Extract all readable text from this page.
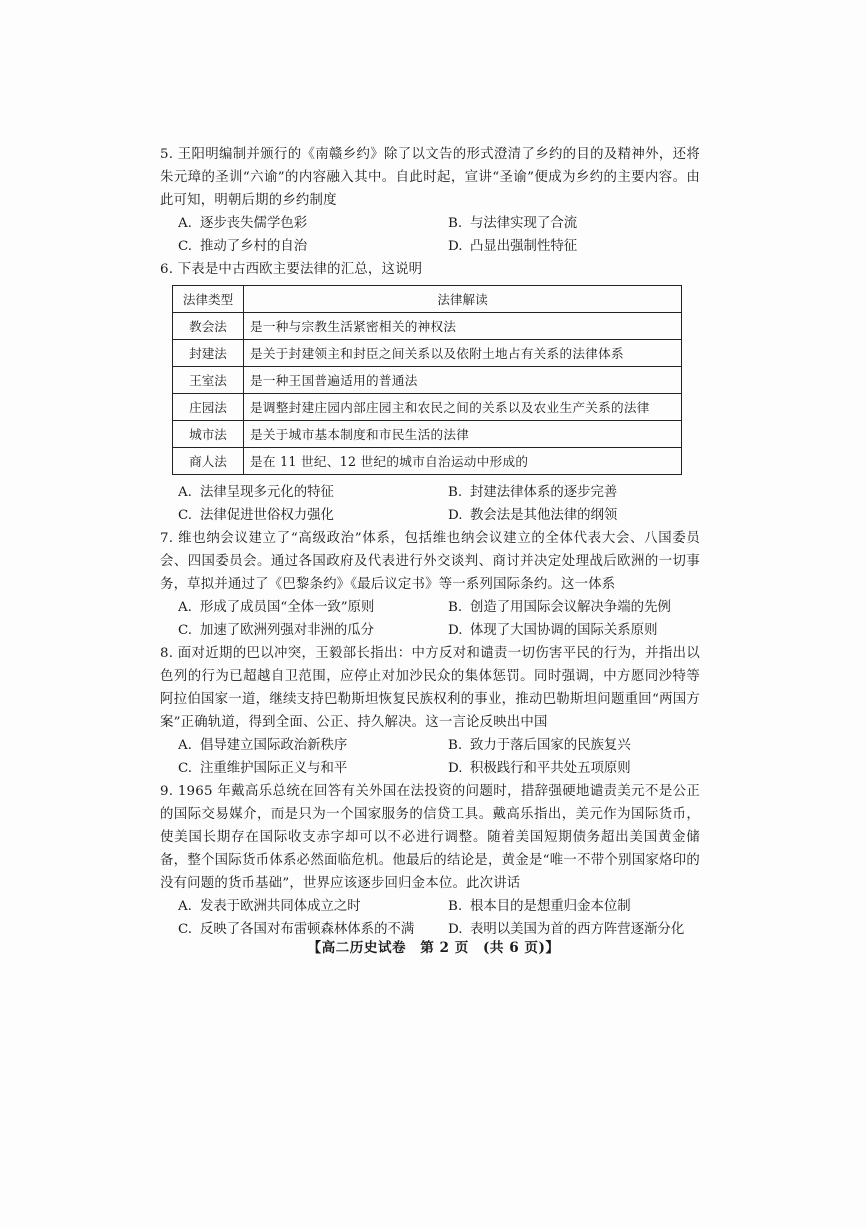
5. 王阳明编制并颁行的《南赣乡约》除了以文告的形式澄清了乡约的目的及精神外，还将朱元璋的圣训“六谕”的内容融入其中。自此时起，宣讲“圣谕”便成为乡约的主要内容。由此可知，明朝后期的乡约制度

A. 逐步丧失儒学色彩	B. 与法律实现了合流
C. 推动了乡村的自治	D. 凸显出强制性特征

6. 下表是中古西欧主要法律的汇总，这说明

法律类型	法律解读
教会法	是一种与宗教生活紧密相关的神权法
封建法	是关于封建领主和封臣之间关系以及依附土地占有关系的法律体系
王室法	是一种王国普遍适用的普通法
庄园法	是调整封建庄园内部庄园主和农民之间的关系以及农业生产关系的法律
城市法	是关于城市基本制度和市民生活的法律
商人法	是在 11 世纪、12 世纪的城市自治运动中形成的
A. 法律呈现多元化的特征	B. 封建法律体系的逐步完善
C. 法律促进世俗权力强化	D. 教会法是其他法律的纲领

7. 维也纳会议建立了“高级政治”体系，包括维也纳会议建立的全体代表大会、八国委员会、四国委员会。通过各国政府及代表进行外交谈判、商讨并决定处理战后欧洲的一切事务，草拟并通过了《巴黎条约》《最后议定书》等一系列国际条约。这一体系

A. 形成了成员国“全体一致”原则	B. 创造了用国际会议解决争端的先例
C. 加速了欧洲列强对非洲的瓜分	D. 体现了大国协调的国际关系原则

8. 面对近期的巴以冲突，王毅部长指出：中方反对和谴责一切伤害平民的行为，并指出以色列的行为已超越自卫范围，应停止对加沙民众的集体惩罚。同时强调，中方愿同沙特等阿拉伯国家一道，继续支持巴勒斯坦恢复民族权利的事业，推动巴勒斯坦问题重回“两国方案”正确轨道，得到全面、公正、持久解决。这一言论反映出中国

A. 倡导建立国际政治新秩序	B. 致力于落后国家的民族复兴
C. 注重维护国际正义与和平	D. 积极践行和平共处五项原则

9. 1965 年戴高乐总统在回答有关外国在法投资的问题时，措辞强硬地谴责美元不是公正的国际交易媒介，而是只为一个国家服务的信贷工具。戴高乐指出，美元作为国际货币，使美国长期存在国际收支赤字却可以不必进行调整。随着美国短期债务超出美国黄金储备，整个国际货币体系必然面临危机。他最后的结论是，黄金是“唯一不带个别国家烙印的没有问题的货币基础”，世界应该逐步回归金本位。此次讲话

A. 发表于欧洲共同体成立之时	B. 根本目的是想重归金本位制
C. 反映了各国对布雷顿森林体系的不满	D. 表明以美国为首的西方阵营逐渐分化
【高二历史试卷　第 2 页　(共 6 页)】
